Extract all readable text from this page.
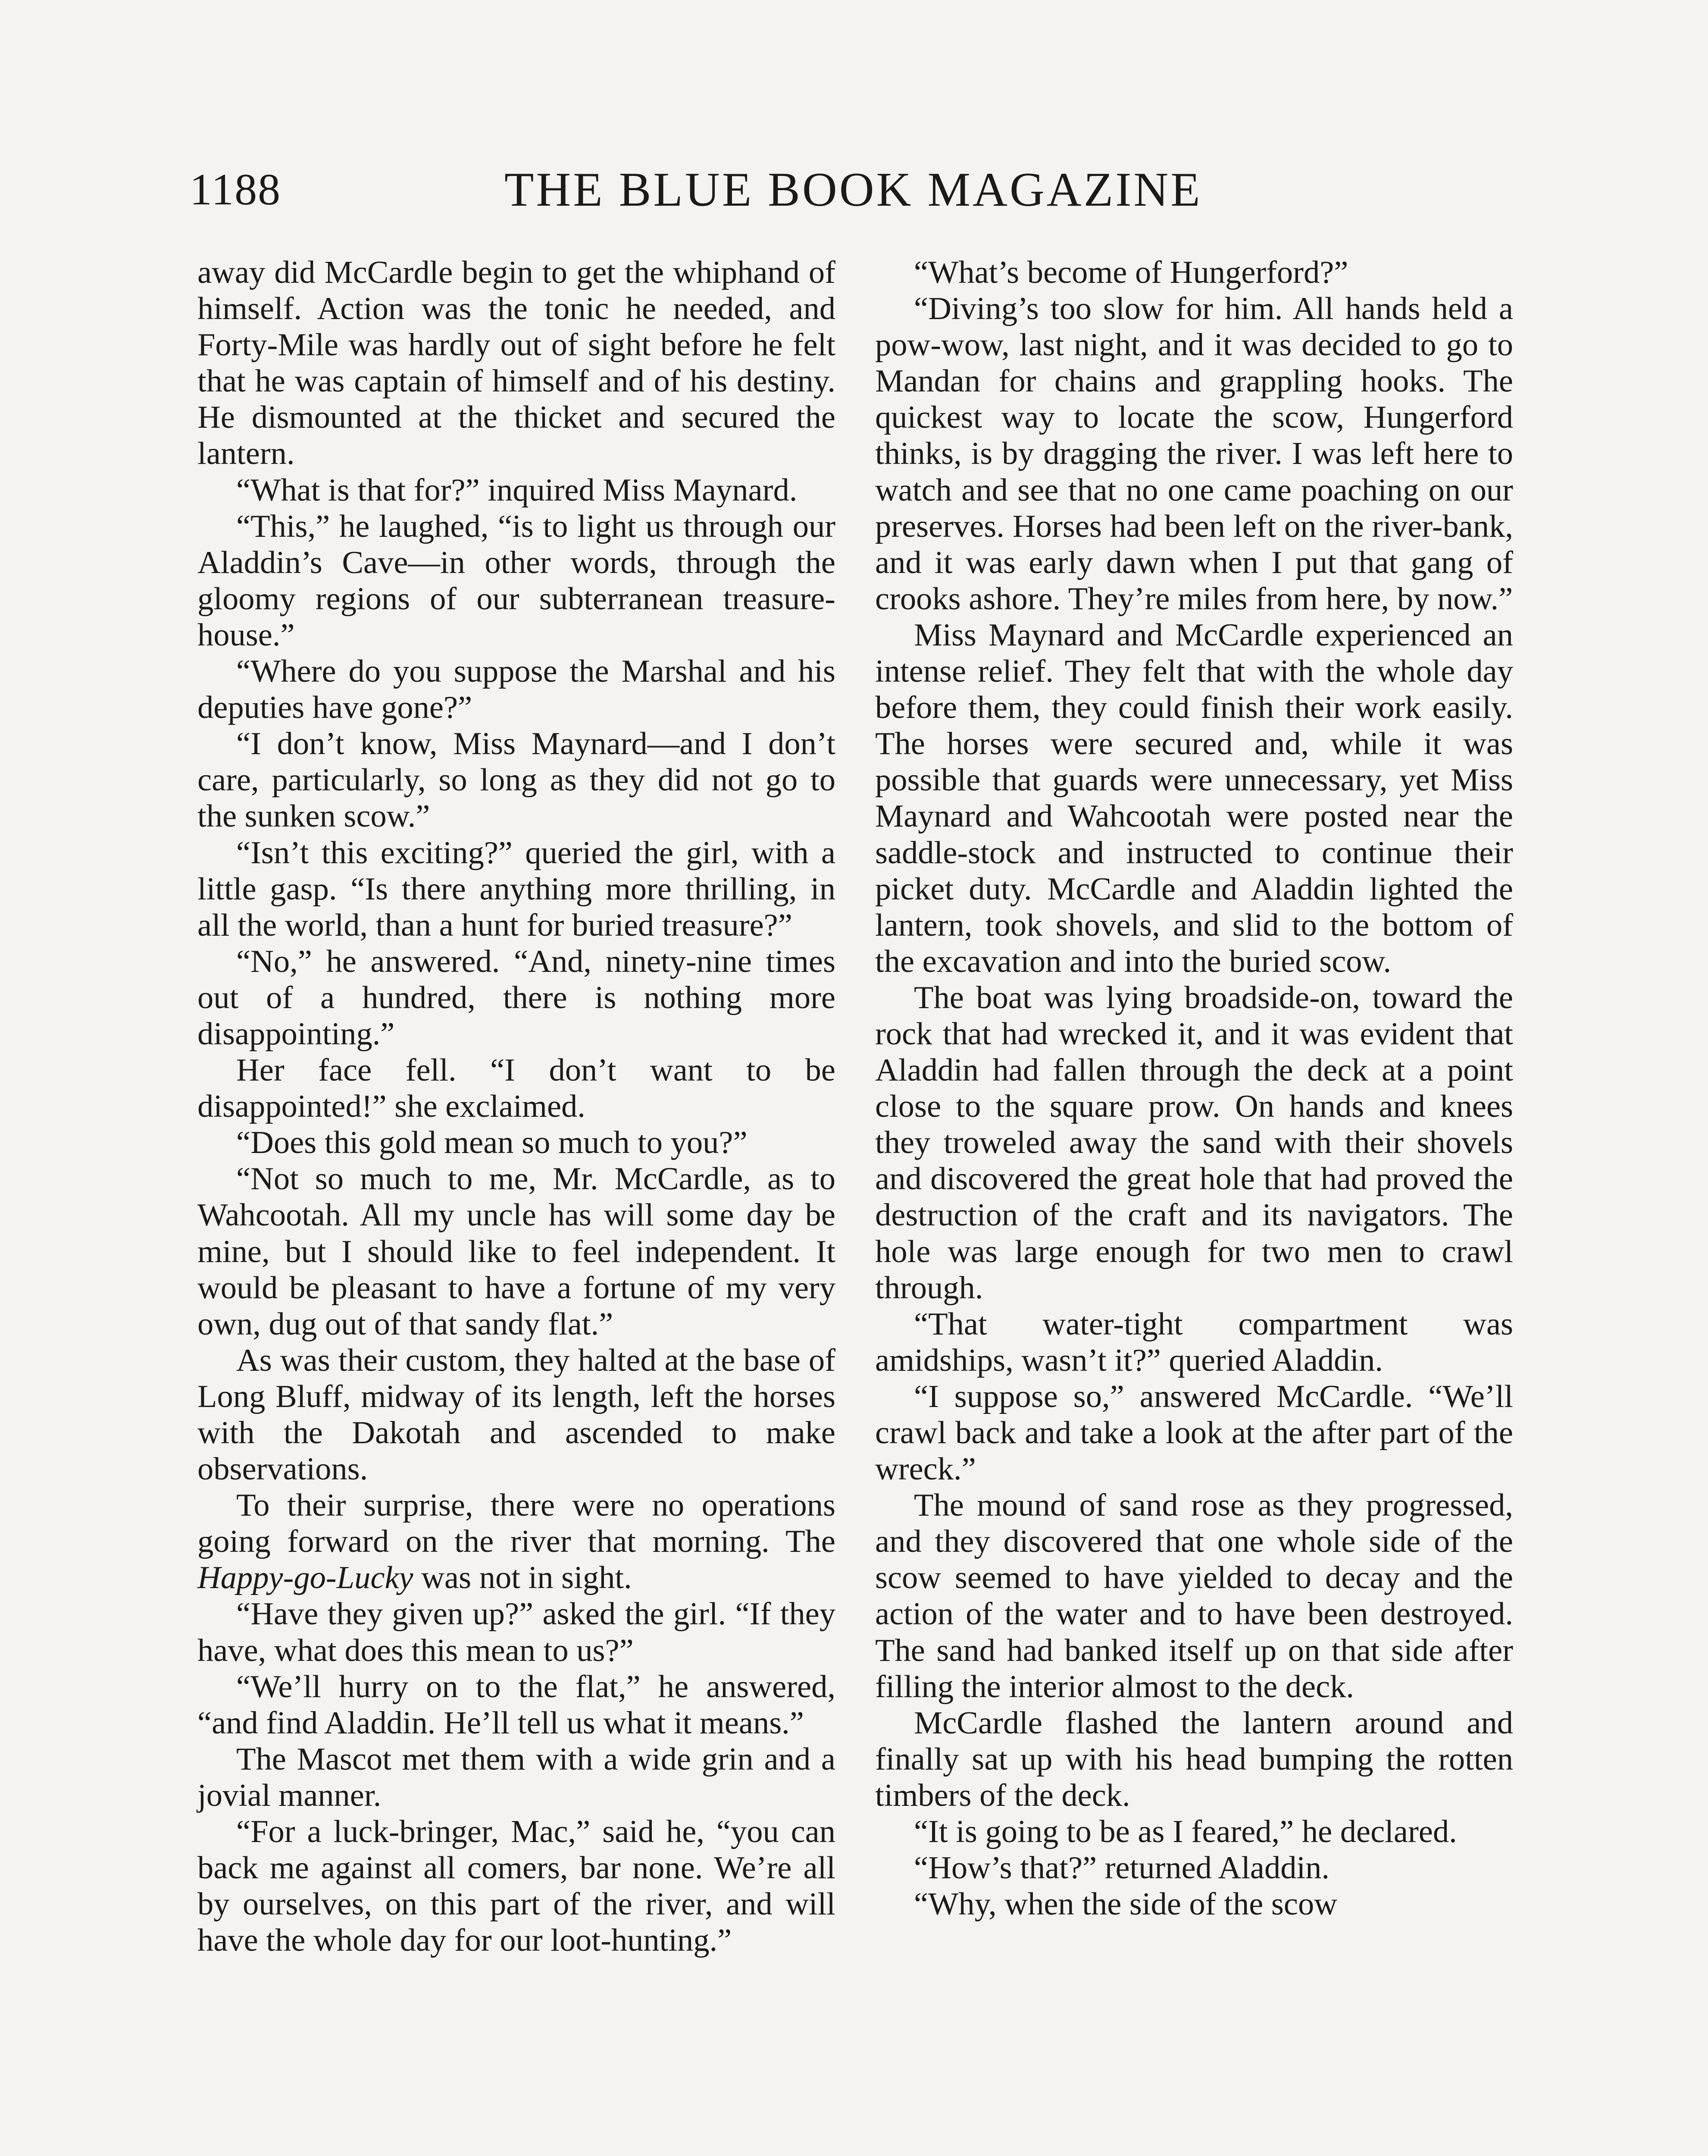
1188	THE BLUE BOOK MAGAZINE

away did McCardle begin to get the whiphand of himself. Action was the tonic he needed, and Forty-Mile was hardly out of sight before he felt that he was captain of himself and of his destiny. He dismounted at the thicket and secured the lantern.

“What is that for?” inquired Miss Maynard.

“This,” he laughed, “is to light us through our Aladdin’s Cave—in other words, through the gloomy regions of our subterranean treasure-house.”

“Where do you suppose the Marshal and his deputies have gone?”

“I don’t know, Miss Maynard—and I don’t care, particularly, so long as they did not go to the sunken scow.”

“Isn’t this exciting?” queried the girl, with a little gasp. “Is there anything more thrilling, in all the world, than a hunt for buried treasure?”

“No,” he answered. “And, ninety-nine times out of a hundred, there is nothing more disappointing.”

Her face fell. “I don’t want to be disappointed!” she exclaimed.

“Does this gold mean so much to you?”

“Not so much to me, Mr. McCardle, as to Wahcootah. All my uncle has will some day be mine, but I should like to feel independent. It would be pleasant to have a fortune of my very own, dug out of that sandy flat.”

As was their custom, they halted at the base of Long Bluff, midway of its length, left the horses with the Dakotah and ascended to make observations.

To their surprise, there were no operations going forward on the river that morning. The Happy-go-Lucky was not in sight.

“Have they given up?” asked the girl. “If they have, what does this mean to us?”

“We’ll hurry on to the flat,” he answered, “and find Aladdin. He’ll tell us what it means.”

The Mascot met them with a wide grin and a jovial manner.

“For a luck-bringer, Mac,” said he, “you can back me against all comers, bar none. We’re all by ourselves, on this part of the river, and will have the whole day for our loot-hunting.”

“What’s become of Hungerford?”

“Diving’s too slow for him. All hands held a pow-wow, last night, and it was decided to go to Mandan for chains and grappling hooks. The quickest way to locate the scow, Hungerford thinks, is by dragging the river. I was left here to watch and see that no one came poaching on our preserves. Horses had been left on the river-bank, and it was early dawn when I put that gang of crooks ashore. They’re miles from here, by now.”

Miss Maynard and McCardle experienced an intense relief. They felt that with the whole day before them, they could finish their work easily. The horses were secured and, while it was possible that guards were unnecessary, yet Miss Maynard and Wahcootah were posted near the saddle-stock and instructed to continue their picket duty. McCardle and Aladdin lighted the lantern, took shovels, and slid to the bottom of the excavation and into the buried scow.

The boat was lying broadside-on, toward the rock that had wrecked it, and it was evident that Aladdin had fallen through the deck at a point close to the square prow. On hands and knees they troweled away the sand with their shovels and discovered the great hole that had proved the destruction of the craft and its navigators. The hole was large enough for two men to crawl through.

“That water-tight compartment was amidships, wasn’t it?” queried Aladdin.

“I suppose so,” answered McCardle. “We’ll crawl back and take a look at the after part of the wreck.”

The mound of sand rose as they progressed, and they discovered that one whole side of the scow seemed to have yielded to decay and the action of the water and to have been destroyed. The sand had banked itself up on that side after filling the interior almost to the deck.

McCardle flashed the lantern around and finally sat up with his head bumping the rotten timbers of the deck.

“It is going to be as I feared,” he declared.

“How’s that?” returned Aladdin.

“Why, when the side of the scow
